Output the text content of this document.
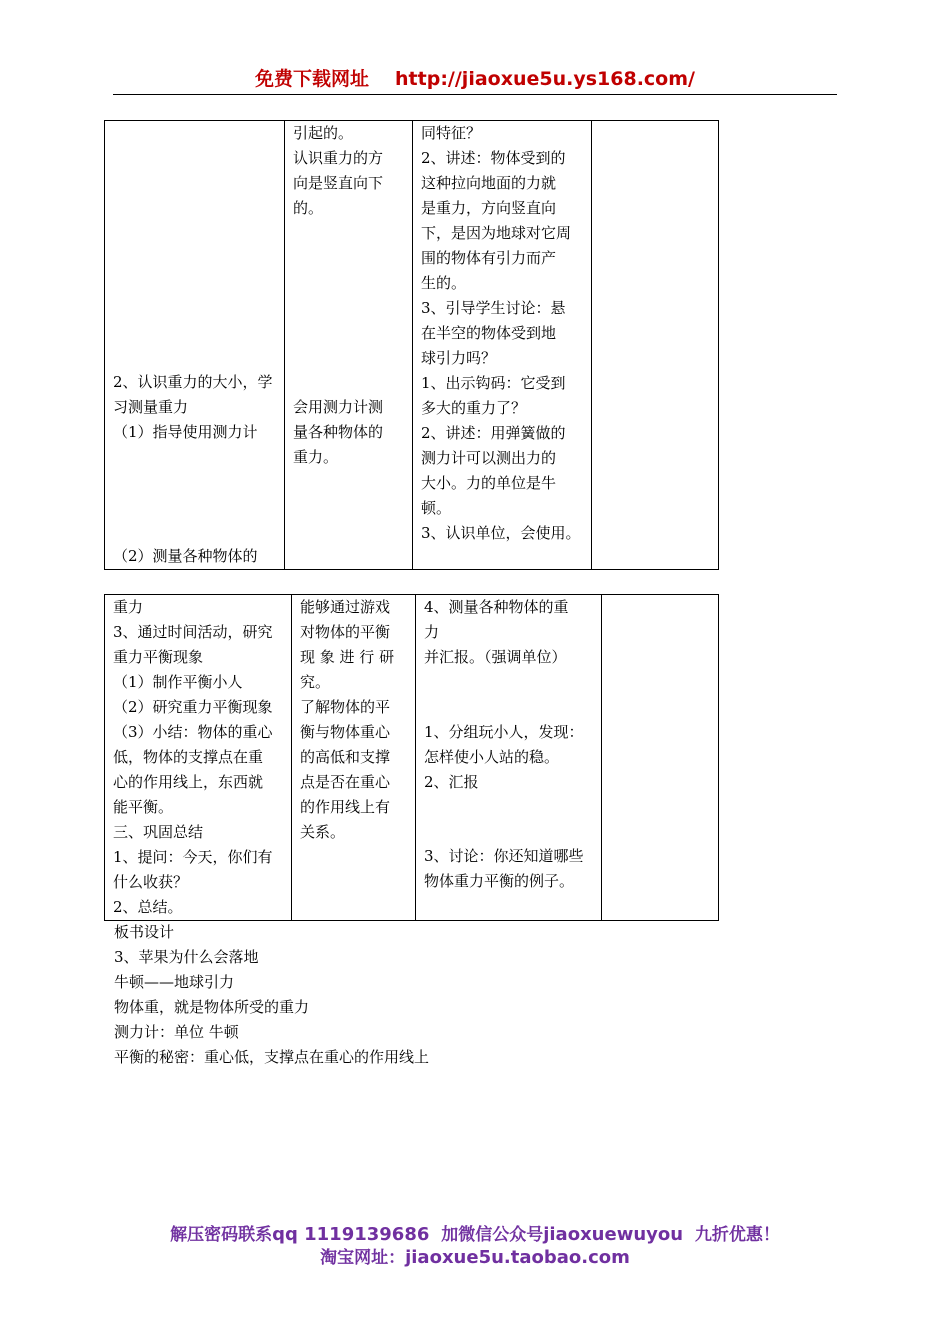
免费下载网址 http://jiaoxue5u.ys168.com/
2、认识重力的大小，学
习测量重力
（1）指导使用测力计
（2）测量各种物体的

引起的。
认识重力的方
向是竖直向下
的。
会用测力计测
量各种物体的
重力。

同特征？
2、讲述：物体受到的
这种拉向地面的力就
是重力，方向竖直向
下，是因为地球对它周
围的物体有引力而产
生的。
3、引导学生讨论：悬
在半空的物体受到地
球引力吗？
1、出示钩码：它受到
多大的重力了？
2、讲述：用弹簧做的
测力计可以测出力的
大小。力的单位是牛
顿。
3、认识单位，会使用。

重力
3、通过时间活动，研究
重力平衡现象
（1）制作平衡小人
（2）研究重力平衡现象
（3）小结：物体的重心
低，物体的支撑点在重
心的作用线上，东西就
能平衡。
三、巩固总结
1、提问：今天，你们有
什么收获？
2、总结。

能够通过游戏
对物体的平衡
现 象 进 行 研
究。
了解物体的平
衡与物体重心
的高低和支撑
点是否在重心
的作用线上有
关系。

4、测量各种物体的重
力
并汇报。（强调单位）
1、分组玩小人，发现：
怎样使小人站的稳。
2、汇报
3、讨论：你还知道哪些
物体重力平衡的例子。

板书设计
3、苹果为什么会落地
牛顿——地球引力
物体重，就是物体所受的重力
测力计：单位 牛顿
平衡的秘密：重心低，支撑点在重心的作用线上
解压密码联系qq 1119139686 加微信公众号jiaoxuewuyou 九折优惠！
淘宝网址：jiaoxue5u.taobao.com
